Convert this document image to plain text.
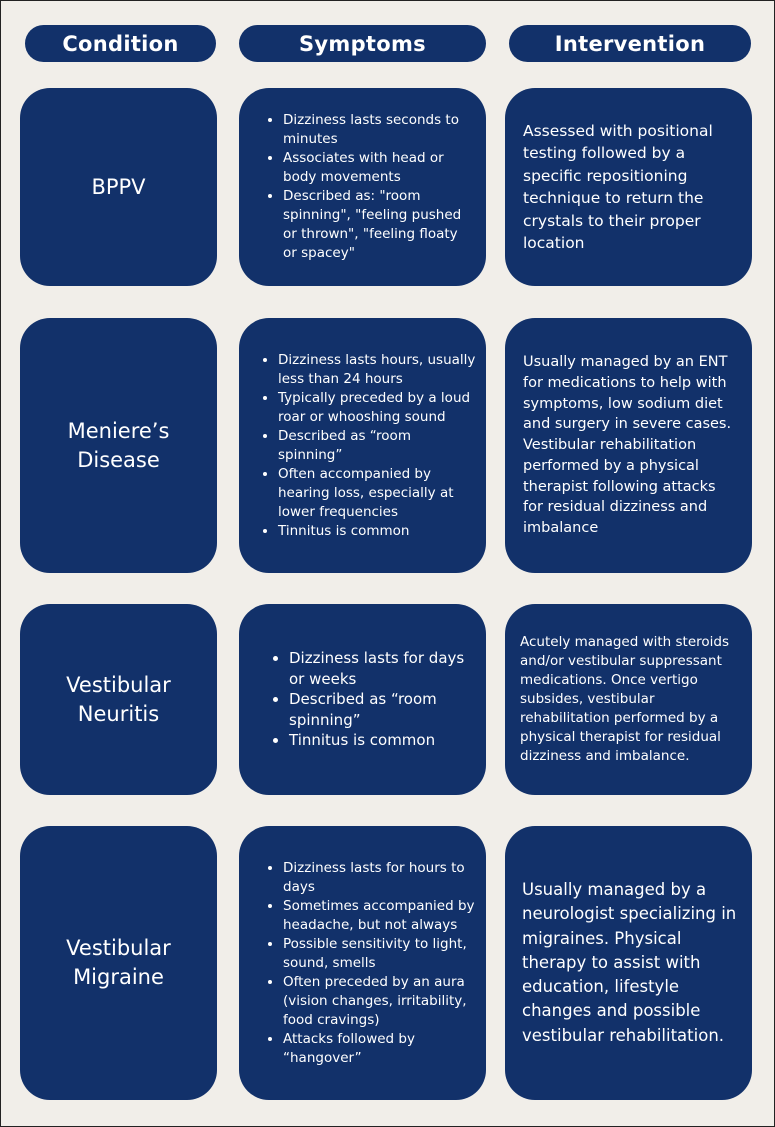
Condition	Symptoms	Intervention
BPPV
• Dizziness lasts seconds to minutes
• Associates with head or body movements
• Described as: "room spinning", "feeling pushed or thrown", "feeling floaty or spacey"

Assessed with positional testing followed by a specific repositioning technique to return the crystals to their proper location

Meniere’s
Disease
• Dizziness lasts hours, usually less than 24 hours
• Typically preceded by a loud roar or whooshing sound
• Described as “room spinning”
• Often accompanied by hearing loss, especially at lower frequencies
• Tinnitus is common

Usually managed by an ENT for medications to help with symptoms, low sodium diet and surgery in severe cases. Vestibular rehabilitation performed by a physical therapist following attacks for residual dizziness and imbalance

Vestibular
Neuritis
• Dizziness lasts for days or weeks
• Described as “room spinning”
• Tinnitus is common

Acutely managed with steroids and/or vestibular suppressant medications. Once vertigo subsides, vestibular rehabilitation performed by a physical therapist for residual dizziness and imbalance.

Vestibular
Migraine
• Dizziness lasts for hours to days
• Sometimes accompanied by headache, but not always
• Possible sensitivity to light, sound, smells
• Often preceded by an aura (vision changes, irritability, food cravings)
• Attacks followed by “hangover”

Usually managed by a neurologist specializing in migraines. Physical therapy to assist with education, lifestyle changes and possible vestibular rehabilitation.
